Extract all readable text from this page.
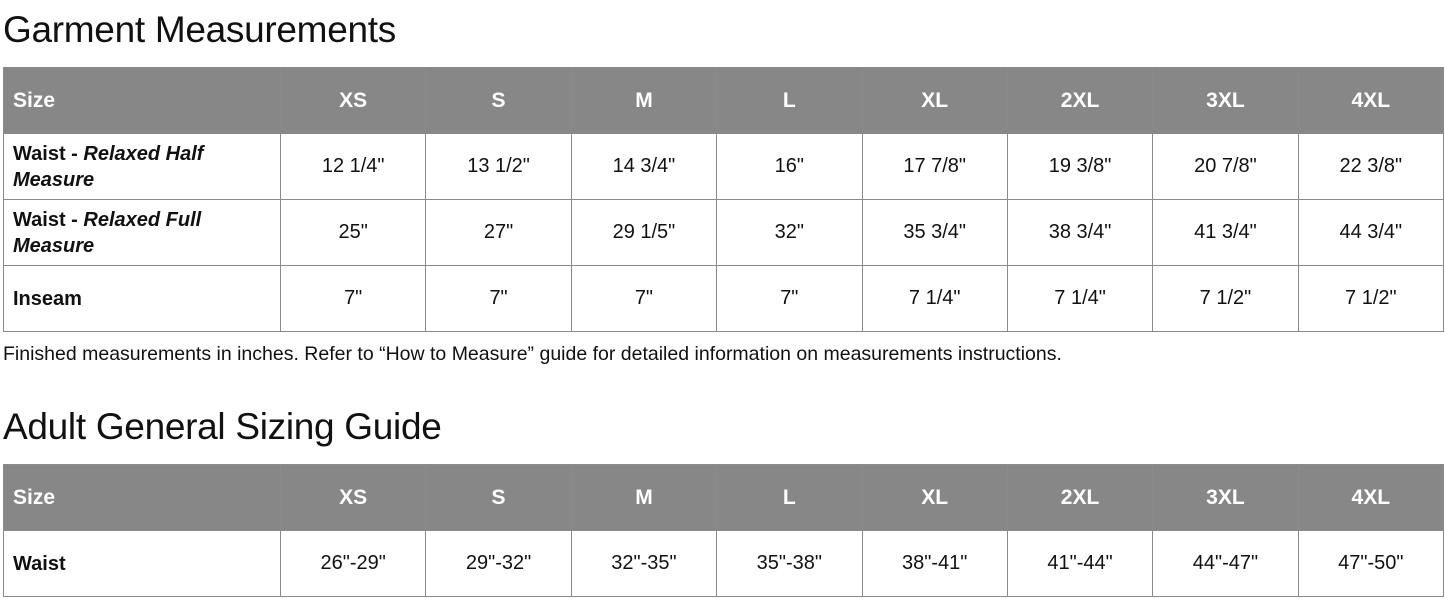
Garment Measurements
Size	XS	S	M	L	XL	2XL	3XL	4XL
Waist - Relaxed Half Measure	12 1/4"	13 1/2"	14 3/4"	16"	17 7/8"	19 3/8"	20 7/8"	22 3/8"
Waist - Relaxed Full Measure	25"	27"	29 1/5"	32"	35 3/4"	38 3/4"	41 3/4"	44 3/4"
Inseam	7"	7"	7"	7"	7 1/4"	7 1/4"	7 1/2"	7 1/2"

Finished measurements in inches. Refer to “How to Measure” guide for detailed information on measurements instructions.

Adult General Sizing Guide
Size	XS	S	M	L	XL	2XL	3XL	4XL
Waist	26"-29"	29"-32"	32"-35"	35"-38"	38"-41"	41"-44"	44"-47"	47"-50"
